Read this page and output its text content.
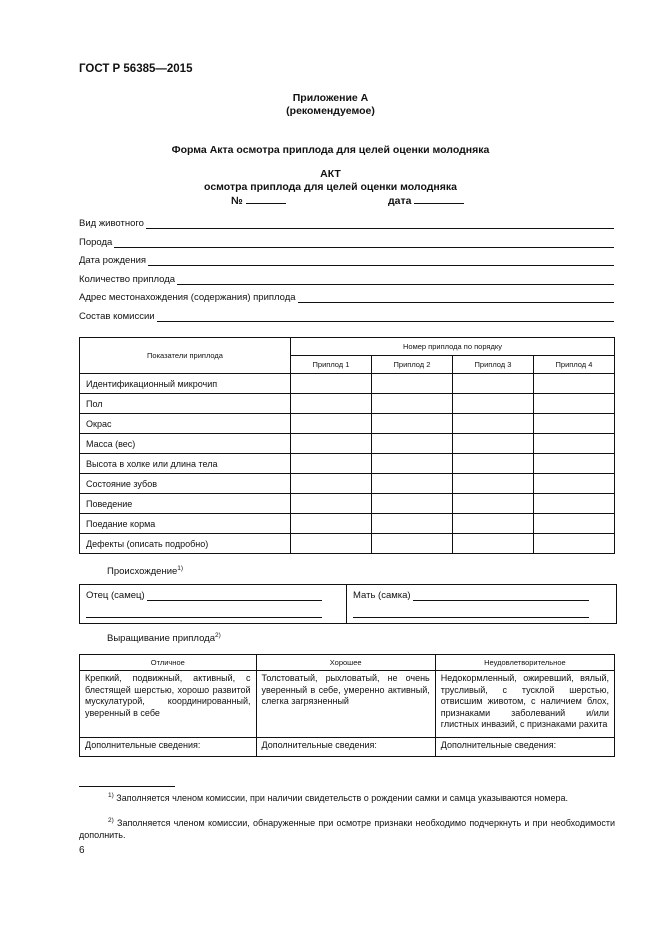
ГОСТ Р 56385—2015
Приложение А
(рекомендуемое)
Форма Акта осмотра приплода для целей оценки молодняка
АКТ
осмотра приплода для целей оценки молодняка
№	дата
Вид животного
Порода
Дата рождения
Количество приплода
Адрес местонахождения (содержания) приплода
Состав комиссии
Показатели приплода	Номер приплода по порядку			
	Приплод 1	Приплод 2	Приплод 3	Приплод 4
Идентификационный микрочип				
Пол				
Окрас				
Масса (вес)				
Высота в холке или длина тела				
Состояние зубов				
Поведение				
Поедание корма				
Дефекты (описать подробно)				
Происхождение$^{1)}$
Отец (самец)	Мать (самка)
Выращивание приплода$^{2)}$
Отличное	Хорошее	Неудовлетворительное
Крепкий, подвижный, активный, с блестящей шерстью, хорошо развитой мускулатурой, координированный, уверенный в себе	Толстоватый, рыхловатый, не очень уверенный в себе, умеренно активный, слегка загрязненный	Недокормленный, ожиревший, вялый, трусливый, с тусклой шерстью, отвисшим животом, с наличием блох, признаками заболеваний и/или глистных инвазий, с признаками рахита
Дополнительные сведения:	Дополнительные сведения:	Дополнительные сведения:
$^{1)}$ Заполняется членом комиссии, при наличии свидетельств о рождении самки и самца указываются номера.
$^{2)}$ Заполняется членом комиссии, обнаруженные при осмотре признаки необходимо подчеркнуть и при необходимости дополнить.
6
